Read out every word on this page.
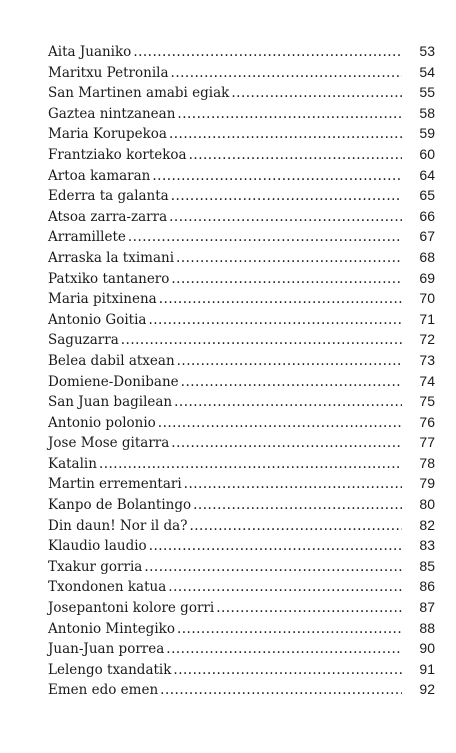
Aita Juaniko .....	53
Maritxu Petronila .....	54
San Martinen amabi egiak .....	55
Gaztea nintzanean .....	58
Maria Korupekoa .....	59
Frantziako kortekoa .....	60
Artoa kamaran .....	64
Ederra ta galanta .....	65
Atsoa zarra-zarra .....	66
Arramillete .....	67
Arraska la tximani .....	68
Patxiko tantanero .....	69
Maria pitxinena .....	70
Antonio Goitia .....	71
Saguzarra .....	72
Belea dabil atxean .....	73
Domiene-Donibane .....	74
San Juan bagilean .....	75
Antonio polonio .....	76
Jose Mose gitarra .....	77
Katalin .....	78
Martin errementari .....	79
Kanpo de Bolantingo .....	80
Din daun! Nor il da? .....	82
Klaudio laudio .....	83
Txakur gorria .....	85
Txondonen katua .....	86
Josepantoni kolore gorri .....	87
Antonio Mintegiko .....	88
Juan-Juan porrea .....	90
Lelengo txandatik .....	91
Emen edo emen .....	92
